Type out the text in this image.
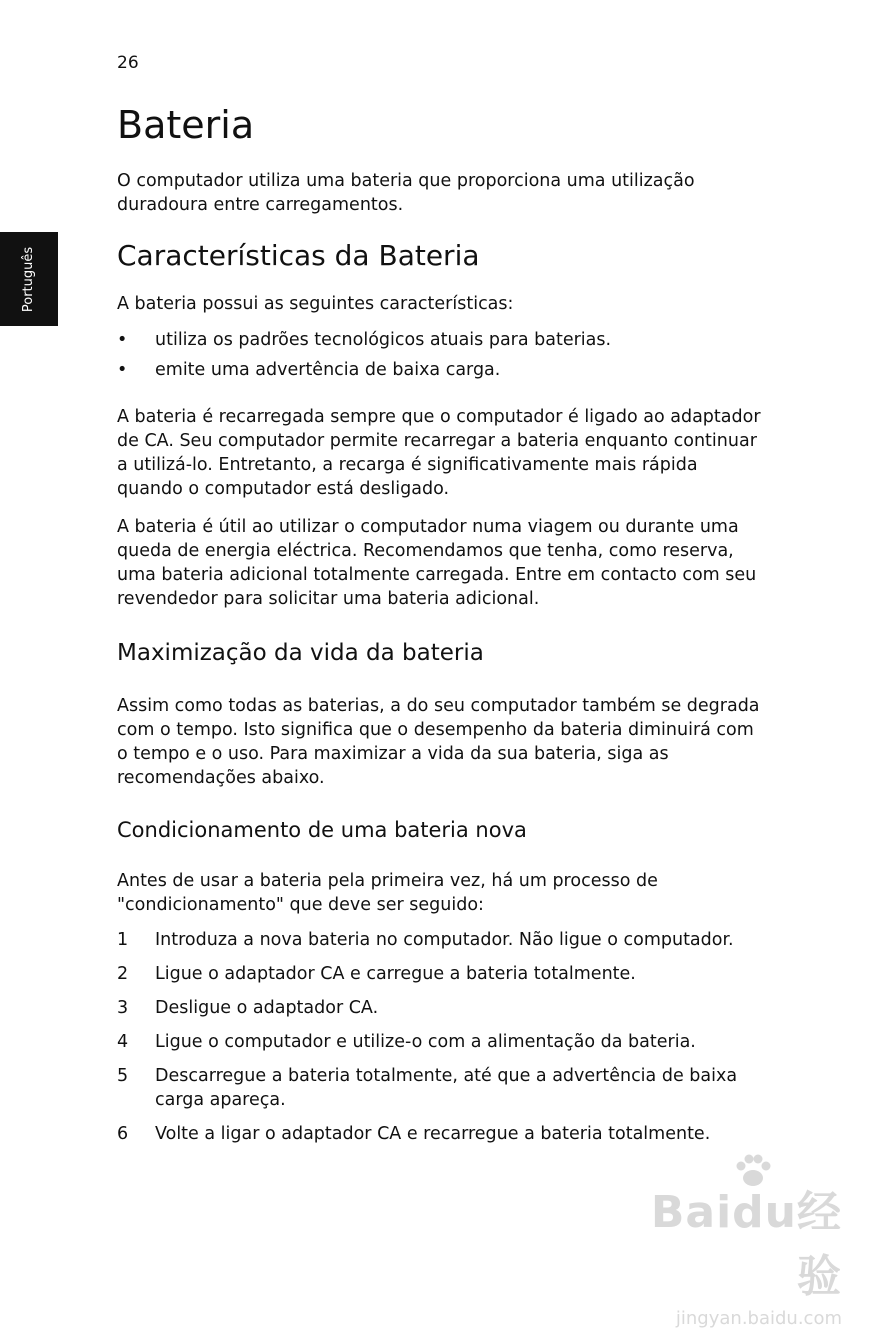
26
Português
Bateria

O computador utiliza uma bateria que proporciona uma utilização duradoura entre carregamentos.

Características da Bateria

A bateria possui as seguintes características:

• utiliza os padrões tecnológicos atuais para baterias.
• emite uma advertência de baixa carga.

A bateria é recarregada sempre que o computador é ligado ao adaptador de CA. Seu computador permite recarregar a bateria enquanto continuar a utilizá-lo. Entretanto, a recarga é significativamente mais rápida quando o computador está desligado.

A bateria é útil ao utilizar o computador numa viagem ou durante uma queda de energia eléctrica. Recomendamos que tenha, como reserva, uma bateria adicional totalmente carregada. Entre em contacto com seu revendedor para solicitar uma bateria adicional.

Maximização da vida da bateria

Assim como todas as baterias, a do seu computador também se degrada com o tempo. Isto significa que o desempenho da bateria diminuirá com o tempo e o uso. Para maximizar a vida da sua bateria, siga as recomendações abaixo.

Condicionamento de uma bateria nova

Antes de usar a bateria pela primeira vez, há um processo de "condicionamento" que deve ser seguido:

1 Introduza a nova bateria no computador. Não ligue o computador.
2 Ligue o adaptador CA e carregue a bateria totalmente.
3 Desligue o adaptador CA.
4 Ligue o computador e utilize-o com a alimentação da bateria.
5 Descarregue a bateria totalmente, até que a advertência de baixa carga apareça.
6 Volte a ligar o adaptador CA e recarregue a bateria totalmente.
Baidu经验
jingyan.baidu.com
